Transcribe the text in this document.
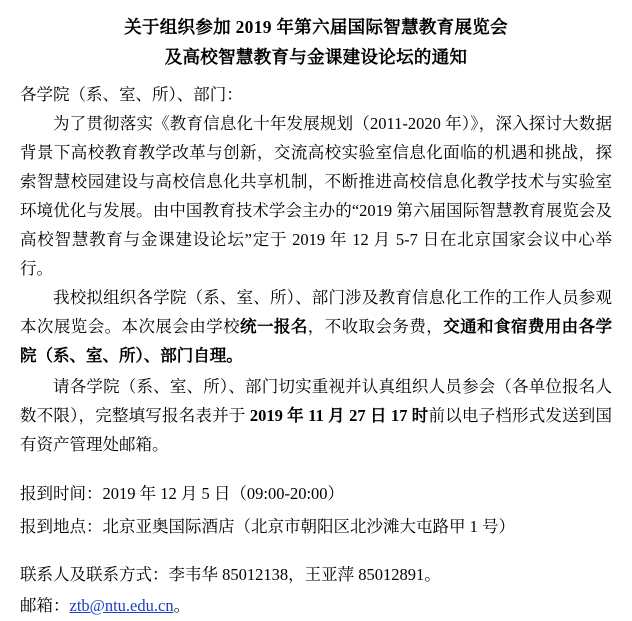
关于组织参加 2019 年第六届国际智慧教育展览会
及高校智慧教育与金课建设论坛的通知

各学院（系、室、所）、部门：

为了贯彻落实《教育信息化十年发展规划（2011-2020 年）》，深入探讨大数据背景下高校教育教学改革与创新，交流高校实验室信息化面临的机遇和挑战，探索智慧校园建设与高校信息化共享机制，不断推进高校信息化教学技术与实验室环境优化与发展。由中国教育技术学会主办的“2019 第六届国际智慧教育展览会及高校智慧教育与金课建设论坛”定于 2019 年 12 月 5-7 日在北京国家会议中心举行。

我校拟组织各学院（系、室、所）、部门涉及教育信息化工作的工作人员参观本次展览会。本次展会由学校统一报名，不收取会务费，交通和食宿费用由各学院（系、室、所）、部门自理。

请各学院（系、室、所）、部门切实重视并认真组织人员参会（各单位报名人数不限），完整填写报名表并于 2019 年 11 月 27 日 17 时前以电子档形式发送到国有资产管理处邮箱。

报到时间：2019 年 12 月 5 日（09:00-20:00）

报到地点：北京亚奥国际酒店（北京市朝阳区北沙滩大屯路甲 1 号）

联系人及联系方式：李韦华 85012138，王亚萍 85012891。

邮箱：ztb@ntu.edu.cn。
